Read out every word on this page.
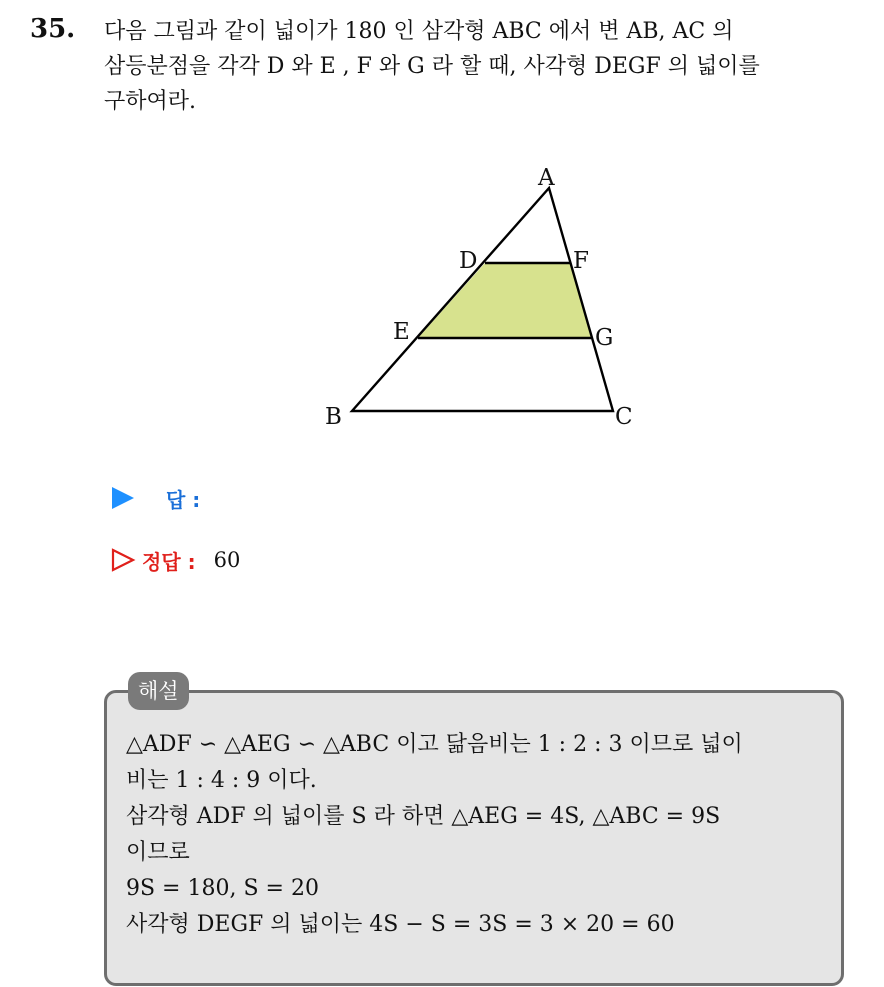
35. 다음 그림과 같이 넓이가 180 인 삼각형 ABC 에서 변 AB, AC 의
삼등분점을 각각 D 와 E , F 와 G 라 할 때, 사각형 DEGF 의 넓이를
구하여라.
A
B	C
D
E
F
G
답 :
정답 : 60
해설
△ADF ∽ △AEG ∽ △ABC 이고 닮음비는 1 : 2 : 3 이므로 넓이
비는 1 : 4 : 9 이다.
삼각형 ADF 의 넓이를 S 라 하면 △AEG = 4S, △ABC = 9S
이므로
9S = 180, S = 20
사각형 DEGF 의 넓이는 4S − S = 3S = 3 × 20 = 60
